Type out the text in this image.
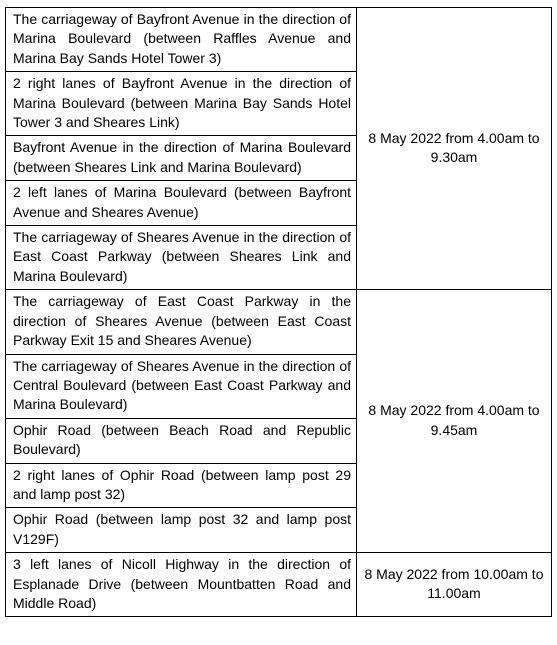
The carriageway of Bayfront Avenue in the direction of Marina Boulevard (between Raffles Avenue and Marina Bay Sands Hotel Tower 3)	8 May 2022 from 4.00am to 9.30am
2 right lanes of Bayfront Avenue in the direction of Marina Boulevard (between Marina Bay Sands Hotel Tower 3 and Sheares Link)	
Bayfront Avenue in the direction of Marina Boulevard (between Sheares Link and Marina Boulevard)	
2 left lanes of Marina Boulevard (between Bayfront Avenue and Sheares Avenue)	
The carriageway of Sheares Avenue in the direction of East Coast Parkway (between Sheares Link and Marina Boulevard)	
The carriageway of East Coast Parkway in the direction of Sheares Avenue (between East Coast Parkway Exit 15 and Sheares Avenue)	8 May 2022 from 4.00am to 9.45am
The carriageway of Sheares Avenue in the direction of Central Boulevard (between East Coast Parkway and Marina Boulevard)	
Ophir Road (between Beach Road and Republic Boulevard)	
2 right lanes of Ophir Road (between lamp post 29 and lamp post 32)	
Ophir Road (between lamp post 32 and lamp post V129F)	
3 left lanes of Nicoll Highway in the direction of Esplanade Drive (between Mountbatten Road and Middle Road)	8 May 2022 from 10.00am to 11.00am
